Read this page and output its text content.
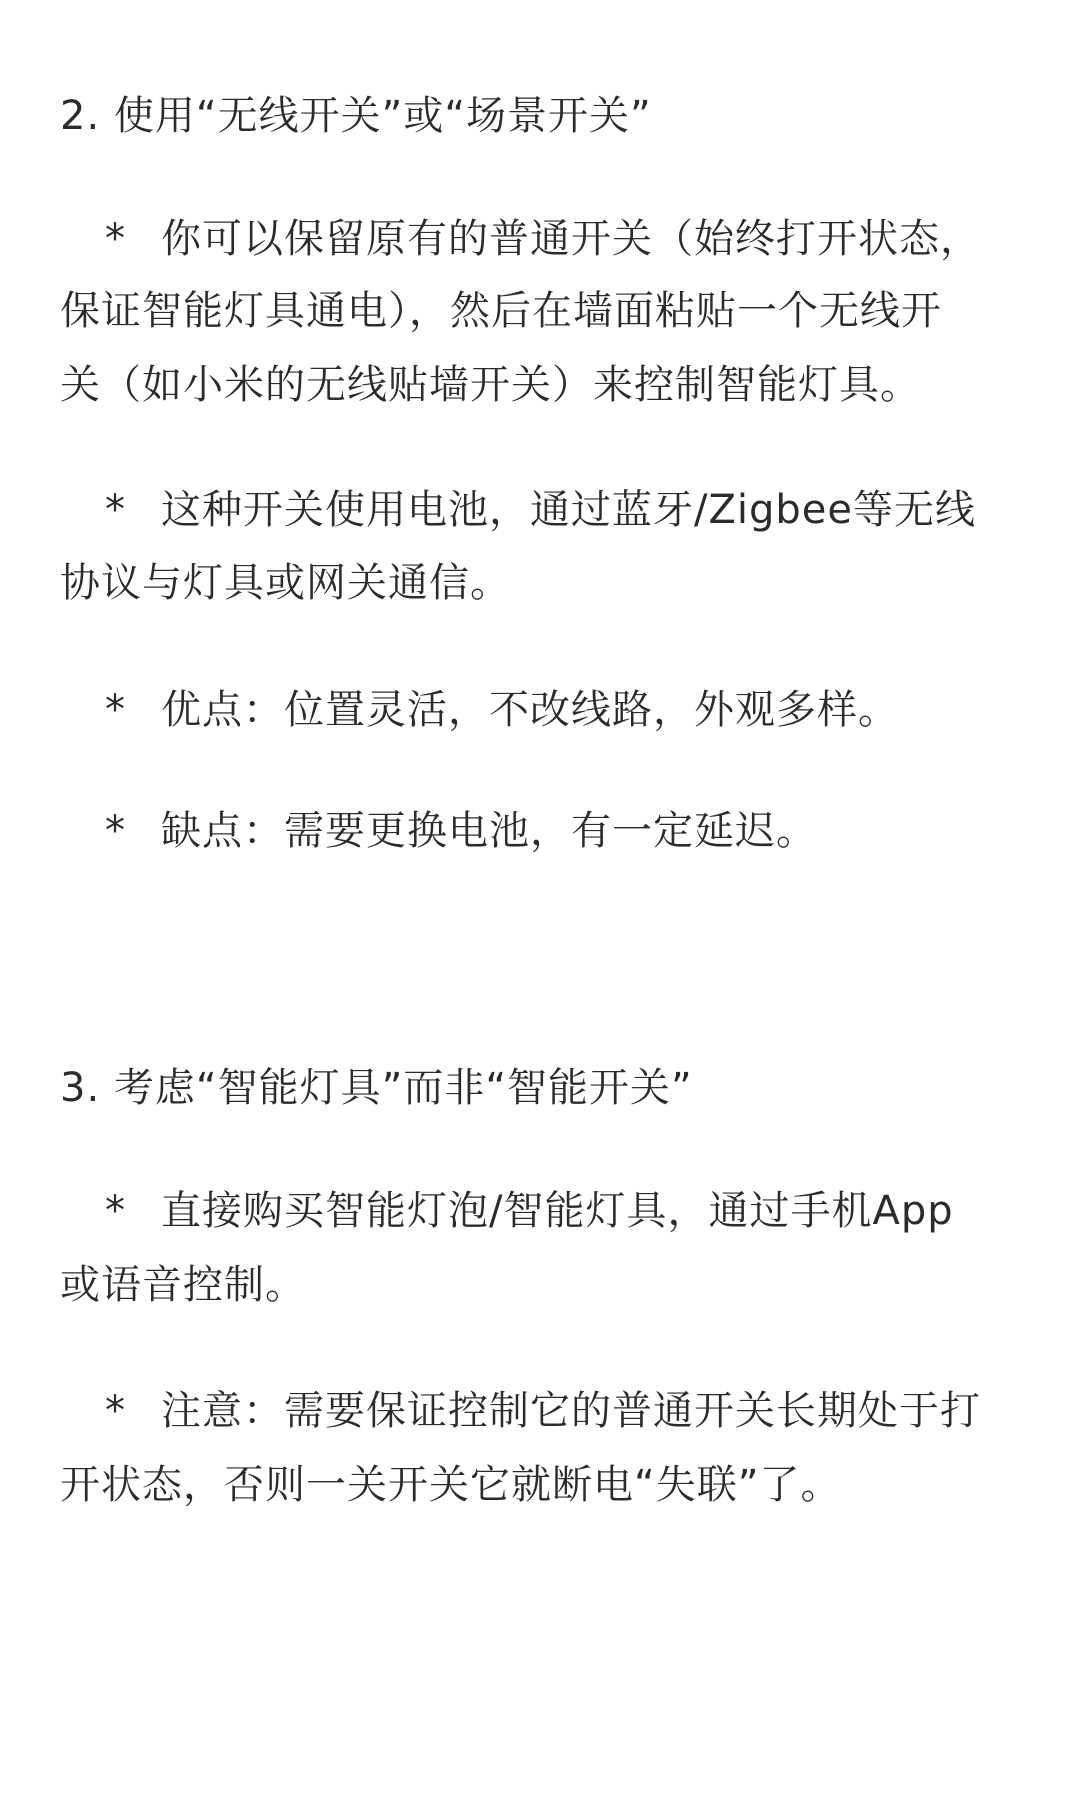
2. 使用“无线开关”或“场景开关”
* 你可以保留原有的普通开关（始终打开状态，
保证智能灯具通电），然后在墙面粘贴一个无线开
关（如小米的无线贴墙开关）来控制智能灯具。
* 这种开关使用电池，通过蓝牙/Zigbee等无线
协议与灯具或网关通信。
* 优点：位置灵活，不改线路，外观多样。
* 缺点：需要更换电池，有一定延迟。
3. 考虑“智能灯具”而非“智能开关”
* 直接购买智能灯泡/智能灯具，通过手机App
或语音控制。
* 注意：需要保证控制它的普通开关长期处于打
开状态，否则一关开关它就断电“失联”了。
